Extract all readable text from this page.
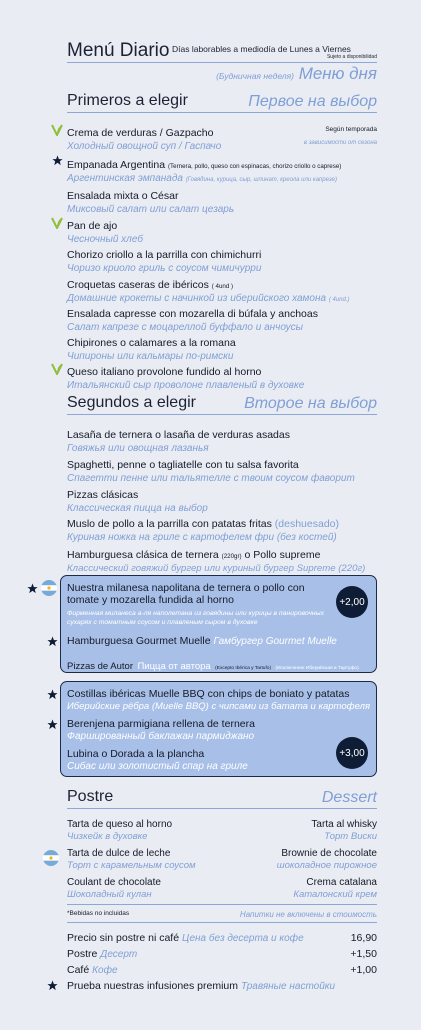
Menú Diario Días laborables a mediodía de Lunes a Viernes
Sujeto a disponibilidad
(Будничная неделя) Меню дня
Primeros a elegir	Первое на выбор
Crema de verduras / Gazpacho	Según temporada
Холодный овощной суп / Гаспачо	в зависимости от сезона
Empanada Argentina (Ternera, pollo, queso con espinacas, chorizo criollo o caprese)
Аргентинская эмпанада (Говядина, курица, сыр, шпинат, креола или капрезе)
Ensalada mixta o César
Миксовый салат или салат цезарь
Pan de ajo
Чесночный хлеб
Chorizo criollo a la parrilla con chimichurri
Чоризо криоло гриль с соусом чимичурри
Croquetas caseras de ibéricos ( 4und )
Домашние крокеты с начинкой из иберийского хамона ( 4und.)
Ensalada capresse con mozarella di búfala y anchoas
Салат капрезе с моцареллой буффало и анчоусы
Chipirones o calamares a la romana
Чипироны или кальмары по-римски
Queso italiano provolone fundido al horno
Итальянский сыр проволоне плавленый в духовке
Segundos a elegir	Второе на выбор
Lasaña de ternera o lasaña de verduras asadas
Говяжья или овощная лазанья
Spaghetti, penne o tagliatelle con tu salsa favorita
Спагетти пенне или тальятелле с твоим соусом фаворит
Pizzas clásicas
Классическая пицца на выбор
Muslo de pollo a la parrilla con patatas fritas (deshuesado)
Куриная ножка на гриле с картофелем фри (без костей)
Hamburguesa clásica de ternera (220gr) o Pollo supreme
Классический говяжий бургер или куриный бургер Supreme (220г)
Nuestra milanesa napolitana de ternera o pollo con tomate y mozarella fundida al horno
Фирменная миланеса а-ля наполетана из говядины или курицы в панировочных сухарях с томатным соусом и плавленым сыром в духовке
+2,00
Hamburguesa Gourmet Muelle Гамбургер Gourmet Muelle
Pizzas de Autor Пицца от автора (Excepto Ibérica y Tartufo) (Исключение Иберийская и Тартуфо)
Costillas ibéricas Muelle BBQ con chips de boniato y patatas
Иберийские рёбра (Muelle BBQ) с чипсами из батата и картофеля
Berenjena parmigiana rellena de ternera
Фаршированный баклажан пармиджано
Lubina o Dorada a la plancha
Сибас или золотистый спар на гриле
+3,00
Postre	Dessert
Tarta de queso al horno
Чизкейк в духовке
Tarta al whisky
Торт Виски
Tarta de dulce de leche
Торт с карамельным соусом
Brownie de chocolate
шоколадное пирожное
Coulant de chocolate
Шоколадный кулан
Crema catalana
Каталонский крем
*Bebidas no incluidas	Напитки не включены в стоимость
Precio sin postre ni café Цена без десерта и кофе	16,90
Postre Десерт	+1,50
Café Кофе	+1,00
Prueba nuestras infusiones premium Травяные настойки
